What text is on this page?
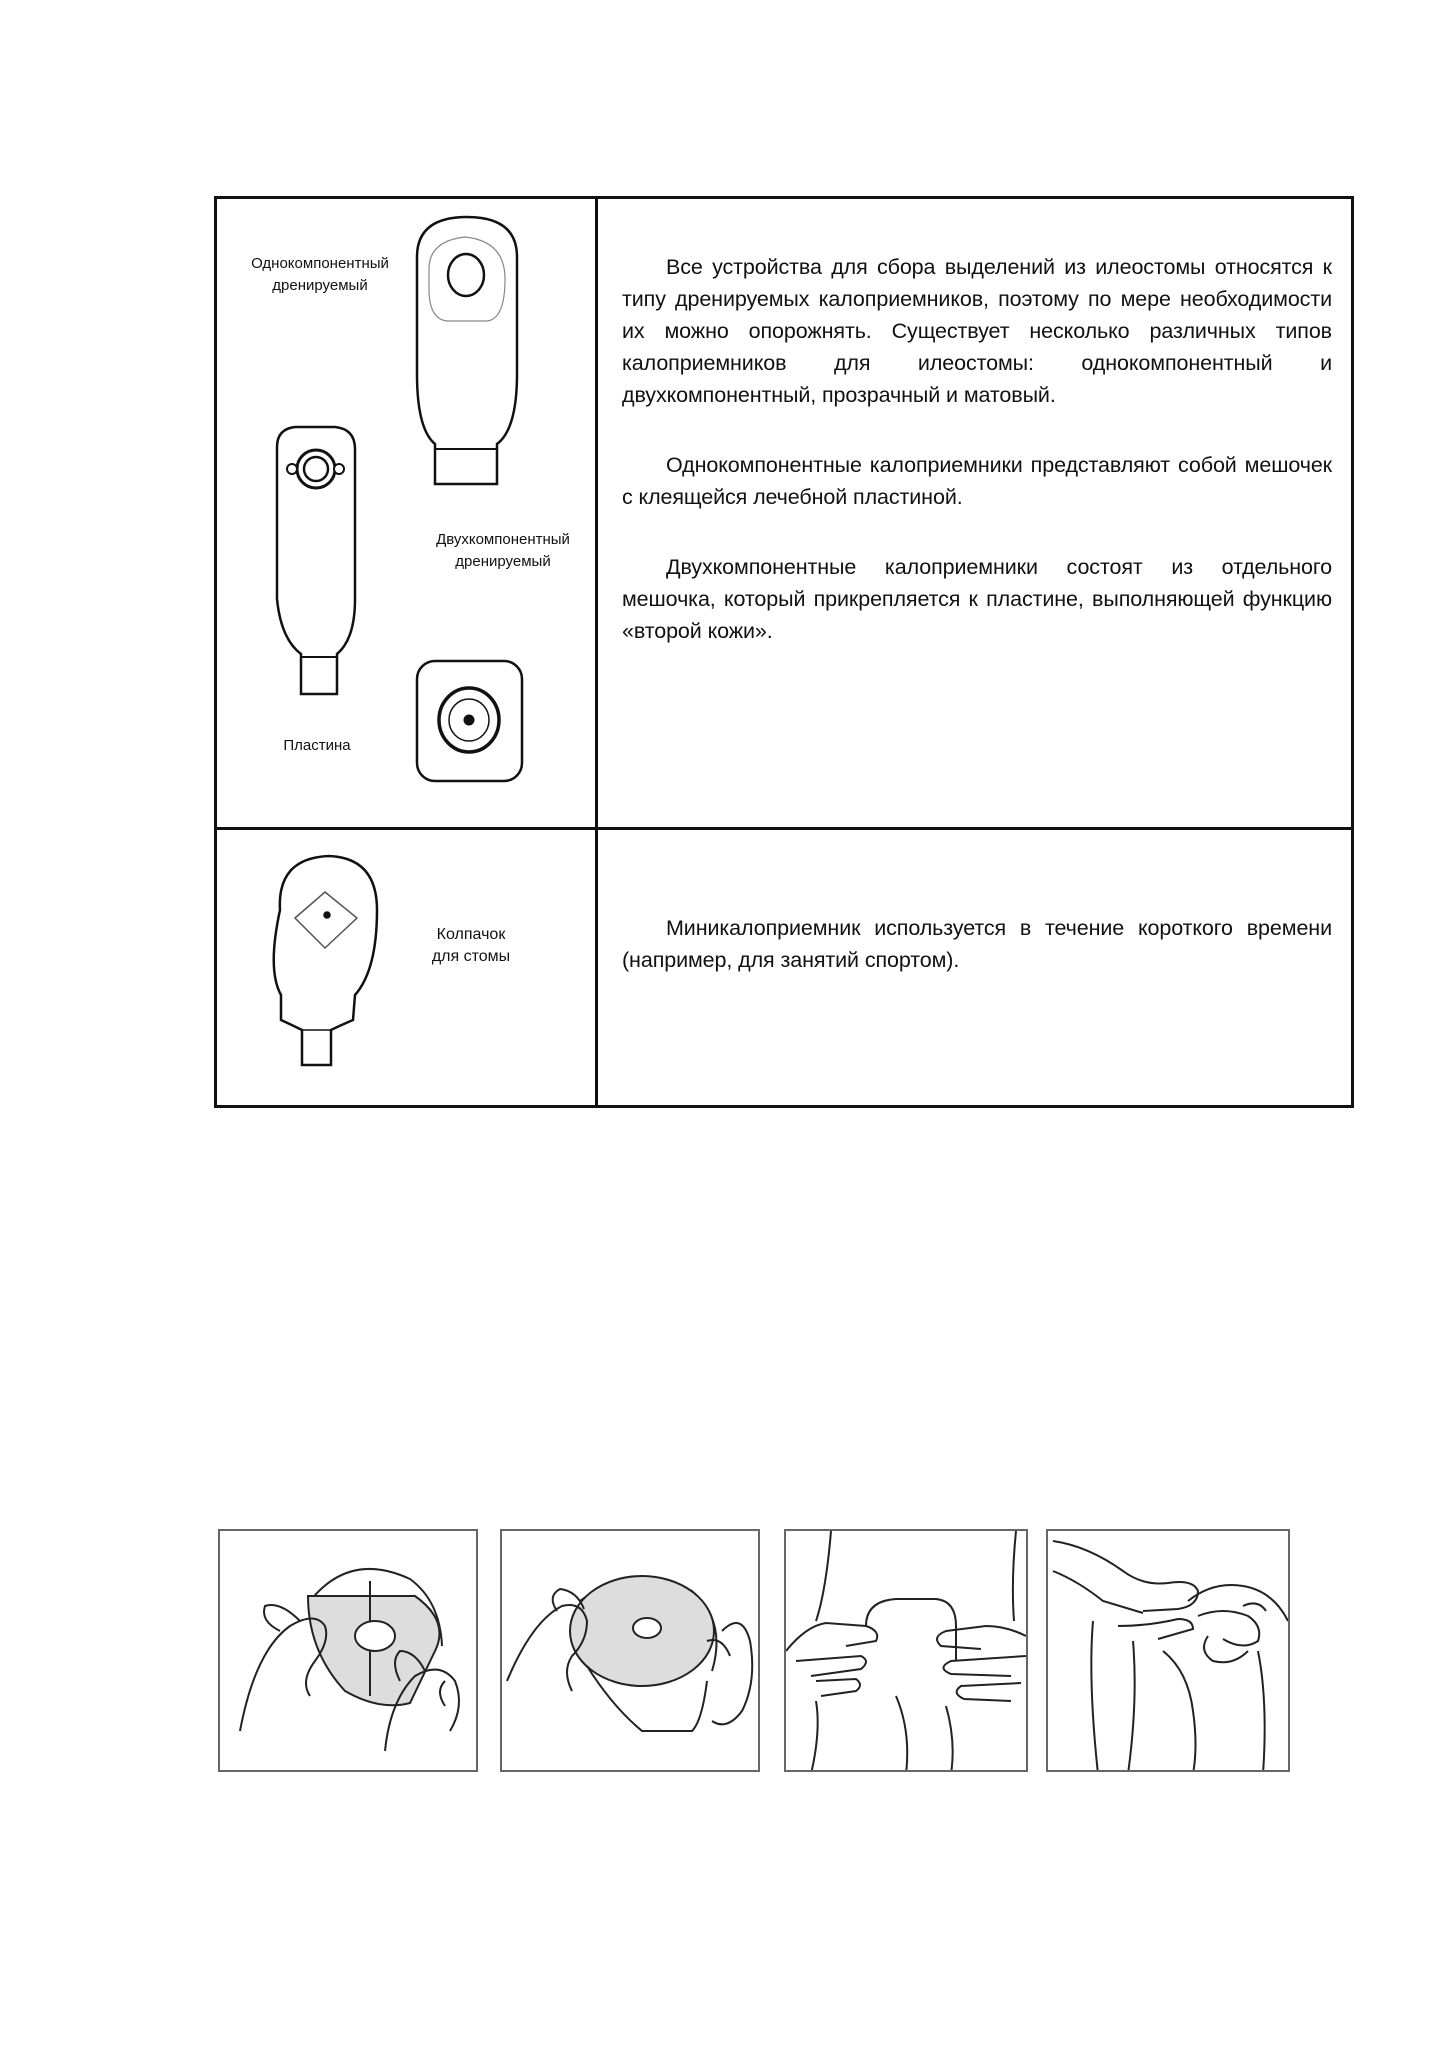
Однокомпонентный
дренируемый
Двухкомпонентный
дренируемый
Пластина

Все устройства для сбора выделений из илеостомы относятся к типу дренируемых калоприемников, поэтому по мере необходимости их можно опорожнять. Существует несколько различных типов калоприемников для илеостомы: однокомпонентный и двухкомпонентный, прозрачный и матовый.

Однокомпонентные калоприемники представляют собой мешочек с клеящейся лечебной пластиной.

Двухкомпонентные калоприемники состоят из отдельного мешочка, который прикрепляется к пластине, выполняющей функцию «второй кожи».

Колпачок
для стомы

Миникалоприемник используется в течение короткого времени (например, для занятий спортом).
